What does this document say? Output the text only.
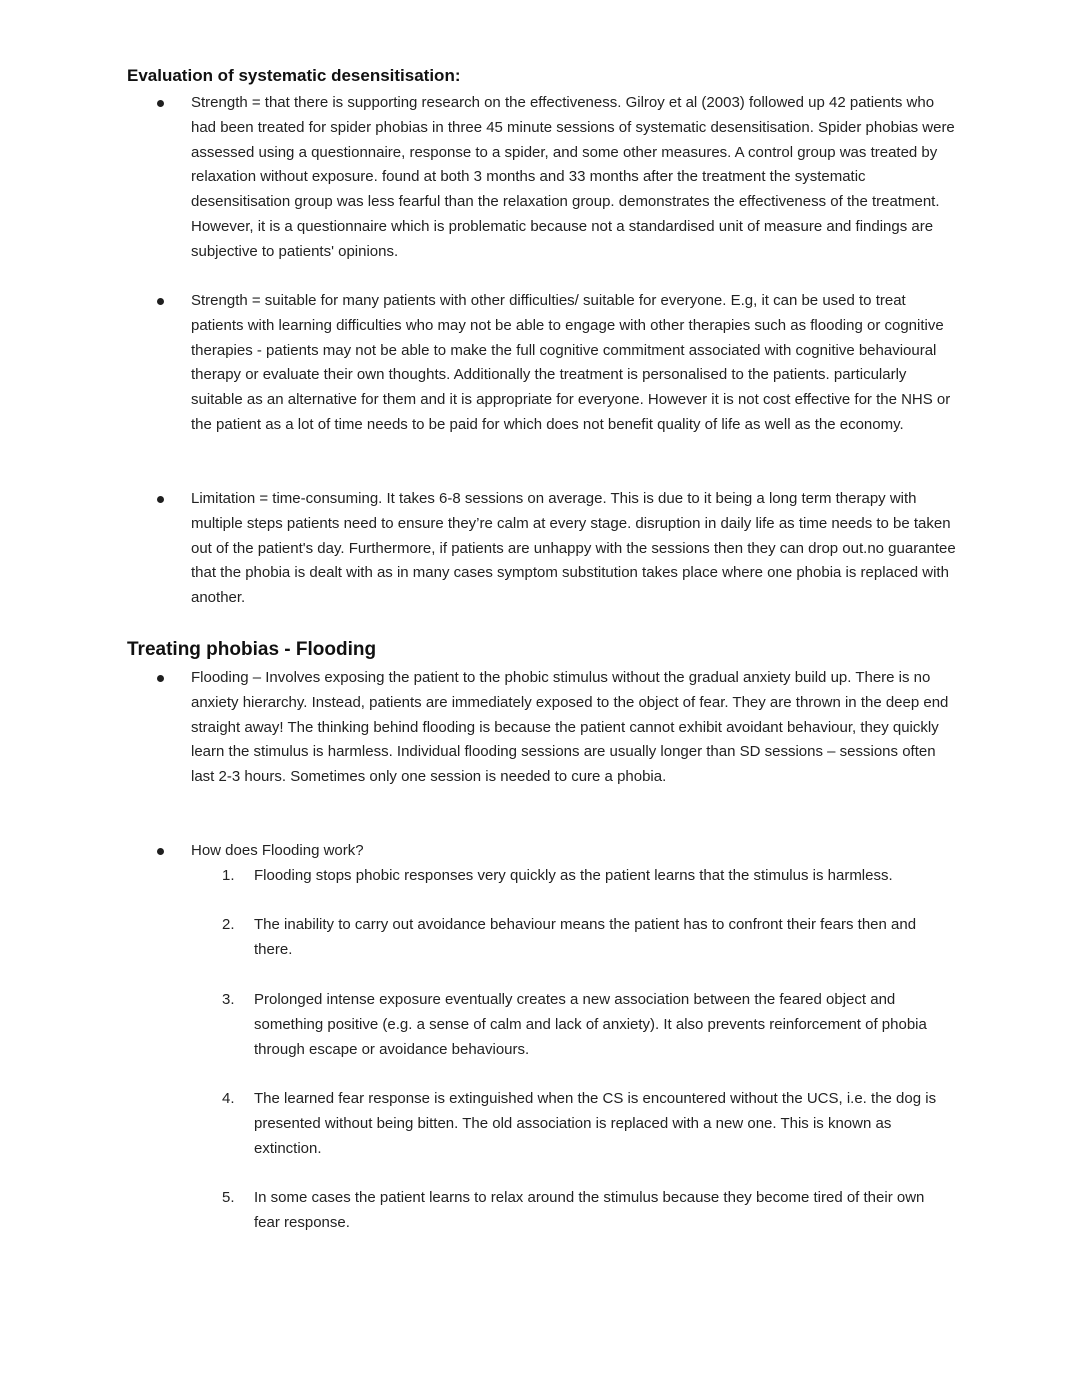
Evaluation of systematic desensitisation:

Strength = that there is supporting research on the effectiveness. Gilroy et al (2003) followed up 42 patients who had been treated for spider phobias in three 45 minute sessions of systematic desensitisation. Spider phobias were assessed using a questionnaire, response to a spider, and some other measures. A control group was treated by relaxation without exposure. found at both 3 months and 33 months after the treatment the systematic desensitisation group was less fearful than the relaxation group. demonstrates the effectiveness of the treatment. However, it is a questionnaire which is problematic because not a standardised unit of measure and findings are subjective to patients' opinions.

Strength = suitable for many patients with other difficulties/ suitable for everyone. E.g, it can be used to treat patients with learning difficulties who may not be able to engage with other therapies such as flooding or cognitive therapies - patients may not be able to make the full cognitive commitment associated with cognitive behavioural therapy or evaluate their own thoughts. Additionally the treatment is personalised to the patients. particularly suitable as an alternative for them and it is appropriate for everyone. However it is not cost effective for the NHS or the patient as a lot of time needs to be paid for which does not benefit quality of life as well as the economy.

Limitation = time-consuming. It takes 6-8 sessions on average. This is due to it being a long term therapy with multiple steps patients need to ensure they’re calm at every stage. disruption in daily life as time needs to be taken out of the patient's day. Furthermore, if patients are unhappy with the sessions then they can drop out.no guarantee that the phobia is dealt with as in many cases symptom substitution takes place where one phobia is replaced with another.

Treating phobias - Flooding

Flooding – Involves exposing the patient to the phobic stimulus without the gradual anxiety build up. There is no anxiety hierarchy. Instead, patients are immediately exposed to the object of fear. They are thrown in the deep end straight away! The thinking behind flooding is because the patient cannot exhibit avoidant behaviour, they quickly learn the stimulus is harmless. Individual flooding sessions are usually longer than SD sessions – sessions often last 2-3 hours. Sometimes only one session is needed to cure a phobia.

How does Flooding work?

1. Flooding stops phobic responses very quickly as the patient learns that the stimulus is harmless.

2. The inability to carry out avoidance behaviour means the patient has to confront their fears then and there.

3. Prolonged intense exposure eventually creates a new association between the feared object and something positive (e.g. a sense of calm and lack of anxiety). It also prevents reinforcement of phobia through escape or avoidance behaviours.

4. The learned fear response is extinguished when the CS is encountered without the UCS, i.e. the dog is presented without being bitten. The old association is replaced with a new one. This is known as extinction.

5. In some cases the patient learns to relax around the stimulus because they become tired of their own fear response.
